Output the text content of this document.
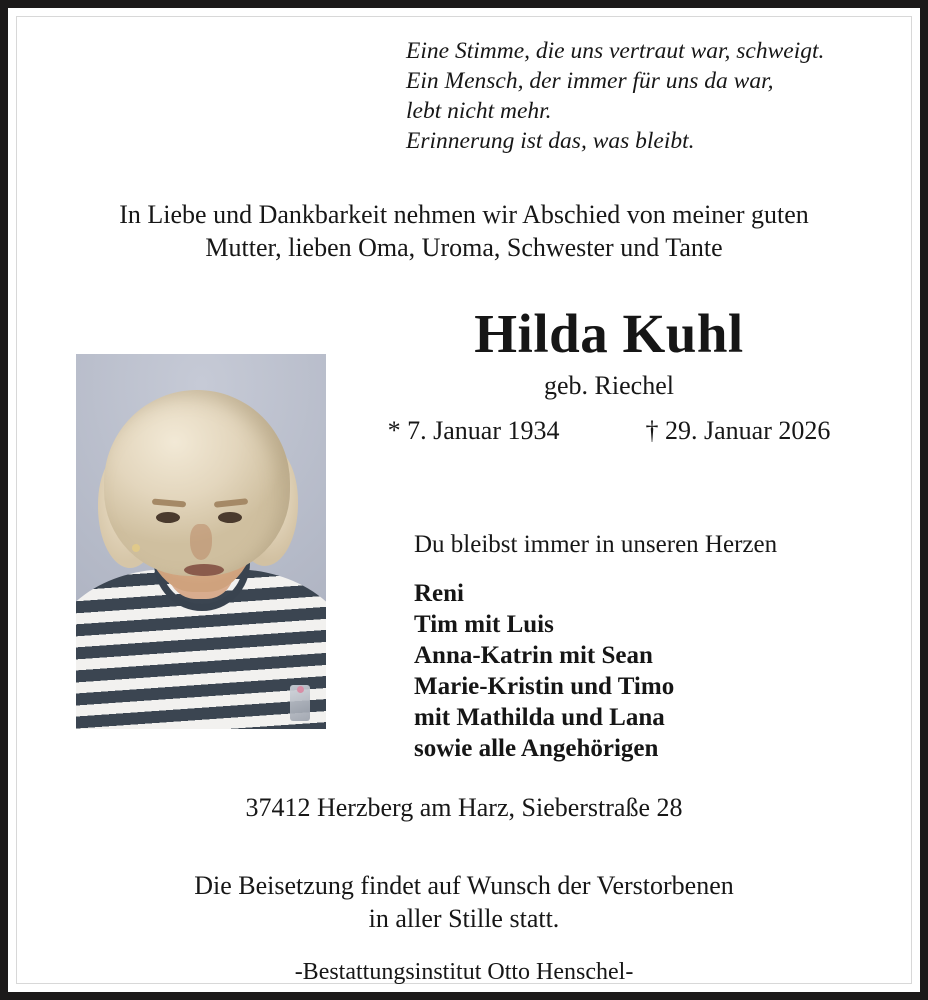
Eine Stimme, die uns vertraut war, schweigt.
Ein Mensch, der immer für uns da war,
lebt nicht mehr.
Erinnerung ist das, was bleibt.
In Liebe und Dankbarkeit nehmen wir Abschied von meiner guten
Mutter, lieben Oma, Uroma, Schwester und Tante
Hilda Kuhl
geb. Riechel
* 7. Januar 1934	† 29. Januar 2026
Du bleibst immer in unseren Herzen
Reni
Tim mit Luis
Anna-Katrin mit Sean
Marie-Kristin und Timo
mit Mathilda und Lana
sowie alle Angehörigen
37412 Herzberg am Harz, Sieberstraße 28
Die Beisetzung findet auf Wunsch der Verstorbenen
in aller Stille statt.
-Bestattungsinstitut Otto Henschel-
